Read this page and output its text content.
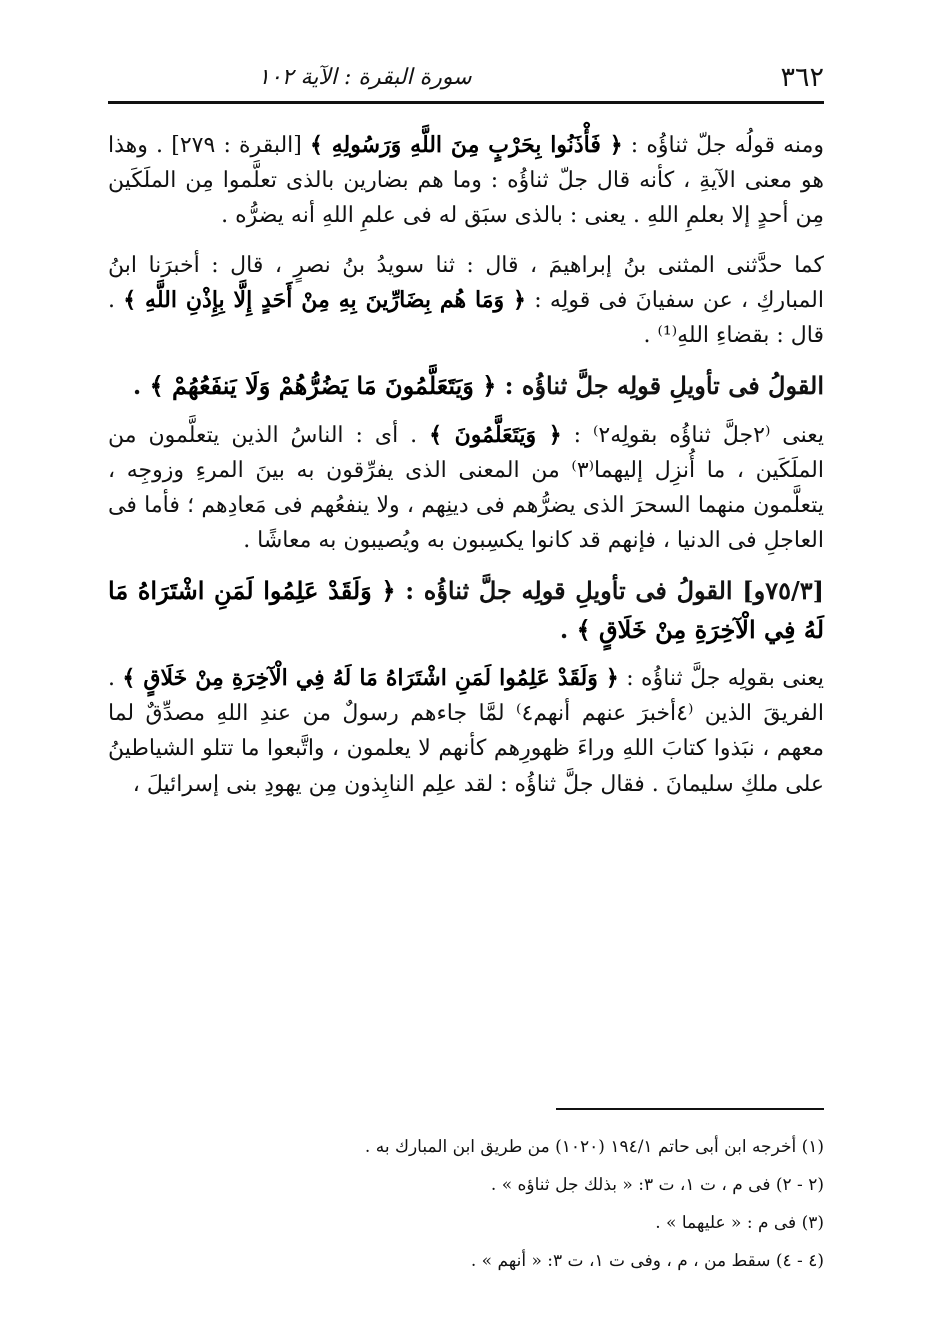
٣٦٢
سورة البقرة : الآية ١٠٢

ومنه قولُه جلّ ثناؤُه : ﴿ فَأْذَنُوا بِحَرْبٍ مِنَ اللَّهِ وَرَسُولِهِ ﴾ [البقرة : ٢٧٩] . وهذا هو معنى الآيةِ ، كأنه قال جلّ ثناؤُه : وما هم بضارين بالذى تعلَّموا مِن الملَكَين مِن أحدٍ إلا بعلمِ اللهِ . يعنى : بالذى سبَق له فى علمِ اللهِ أنه يضرُّه .

كما حدَّثنى المثنى بنُ إبراهيمَ ، قال : ثنا سويدُ بنُ نصرٍ ، قال : أخبرَنا ابنُ المباركِ ، عن سفيانَ فى قولِه : ﴿ وَمَا هُم بِضَارِّينَ بِهِ مِنْ أَحَدٍ إِلَّا بِإِذْنِ اللَّهِ ﴾ . قال : بقضاءِ اللهِ⁽¹⁾ .

القولُ فى تأويلِ قولِه جلَّ ثناؤُه : ﴿ وَيَتَعَلَّمُونَ مَا يَضُرُّهُمْ وَلَا يَنفَعُهُمْ ﴾ .

يعنى ⁽٢جلَّ ثناؤُه بقولِه٢⁾ : ﴿ وَيَتَعَلَّمُونَ ﴾ . أى : الناسُ الذين يتعلَّمون من الملَكَين ، ما أُنزِل إليهما⁽٣⁾ من المعنى الذى يفرِّقون به بينَ المرءِ وزوجِه ، يتعلَّمون منهما السحرَ الذى يضرُّهم فى دينِهم ، ولا ينفعُهم فى مَعادِهم ؛ فأما فى العاجلِ فى الدنيا ، فإنهم قد كانوا يكسِبون به ويُصيبون به معاشًا .

[٧٥/٣و] القولُ فى تأويلِ قولِه جلَّ ثناؤُه : ﴿ وَلَقَدْ عَلِمُوا لَمَنِ اشْتَرَاهُ مَا لَهُ فِي الْآخِرَةِ مِنْ خَلَاقٍ ﴾ .

يعنى بقولِه جلَّ ثناؤُه : ﴿ وَلَقَدْ عَلِمُوا لَمَنِ اشْتَرَاهُ مَا لَهُ فِي الْآخِرَةِ مِنْ خَلَاقٍ ﴾ . الفريقَ الذين ⁽٤أخبرَ عنهم أنهم٤⁾ لمَّا جاءهم رسولٌ من عندِ اللهِ مصدِّقٌ لما معهم ، نبَذوا كتابَ اللهِ وراءَ ظهورِهم كأنهم لا يعلمون ، واتَّبعوا ما تتلو الشياطينُ على ملكِ سليمانَ . فقال جلَّ ثناؤُه : لقد علِم النابِذون مِن يهودِ بنى إسرائيلَ ،

(١) أخرجه ابن أبى حاتم ١٩٤/١ (١٠٢٠) من طريق ابن المبارك به .

(٢ - ٢) فى م ، ت ١، ت ٣: « بذلك جل ثناؤه » .

(٣) فى م : « عليهما » .

(٤ - ٤) سقط من ، م ، وفى ت ١، ت ٣: « أنهم » .
